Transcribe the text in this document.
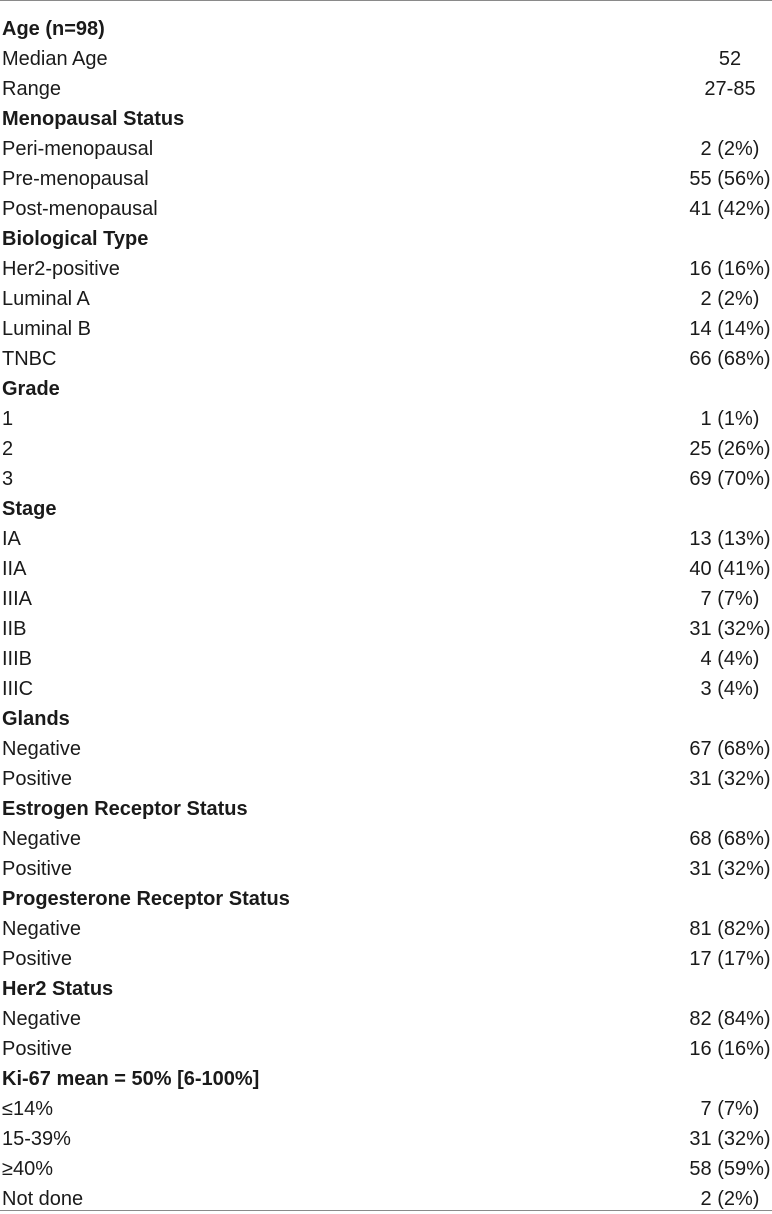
Age (n=98)
Median Age	52
Range	27-85
Menopausal Status
Peri-menopausal	2 (2%)
Pre-menopausal	55 (56%)
Post-menopausal	41 (42%)
Biological Type
Her2-positive	16 (16%)
Luminal A	2 (2%)
Luminal B	14 (14%)
TNBC	66 (68%)
Grade
1	1 (1%)
2	25 (26%)
3	69 (70%)
Stage
IA	13 (13%)
IIA	40 (41%)
IIIA	7 (7%)
IIB	31 (32%)
IIIB	4 (4%)
IIIC	3 (4%)
Glands
Negative	67 (68%)
Positive	31 (32%)
Estrogen Receptor Status
Negative	68 (68%)
Positive	31 (32%)
Progesterone Receptor Status
Negative	81 (82%)
Positive	17 (17%)
Her2 Status
Negative	82 (84%)
Positive	16 (16%)
Ki-67 mean = 50% [6-100%]
≤14%	7 (7%)
15-39%	31 (32%)
≥40%	58 (59%)
Not done	2 (2%)
